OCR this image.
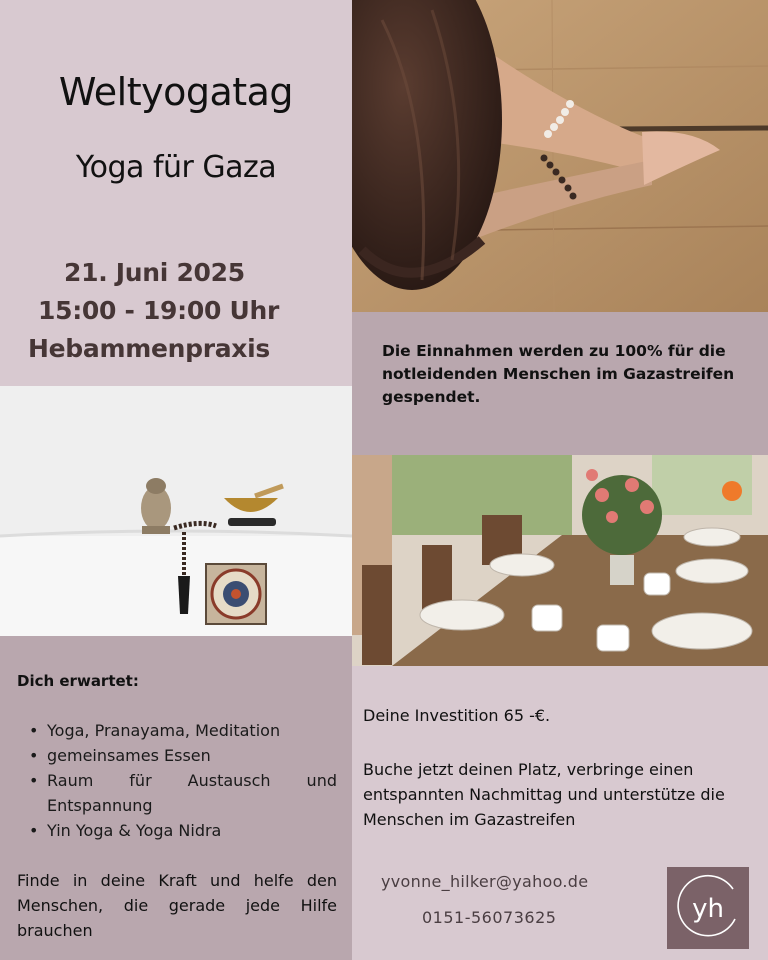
Weltyogatag
Yoga für Gaza
21. Juni 2025
15:00 - 19:00 Uhr
Hebammenpraxis	Die Einnahmen werden zu 100% für die notleidenden Menschen im Gazastreifen gespendet.
Dich erwartet:
• Yoga, Pranayama, Meditation
• gemeinsames Essen
• Raum für Austausch und Entspannung
• Yin Yoga & Yoga Nidra
Finde in deine Kraft und helfe den Menschen, die gerade jede Hilfe brauchen
Deine Investition 65 -€.
Buche jetzt deinen Platz, verbringe einen entspannten Nachmittag und unterstütze die Menschen im Gazastreifen
yvonne_hilker@yahoo.de
0151-56073625	yh
